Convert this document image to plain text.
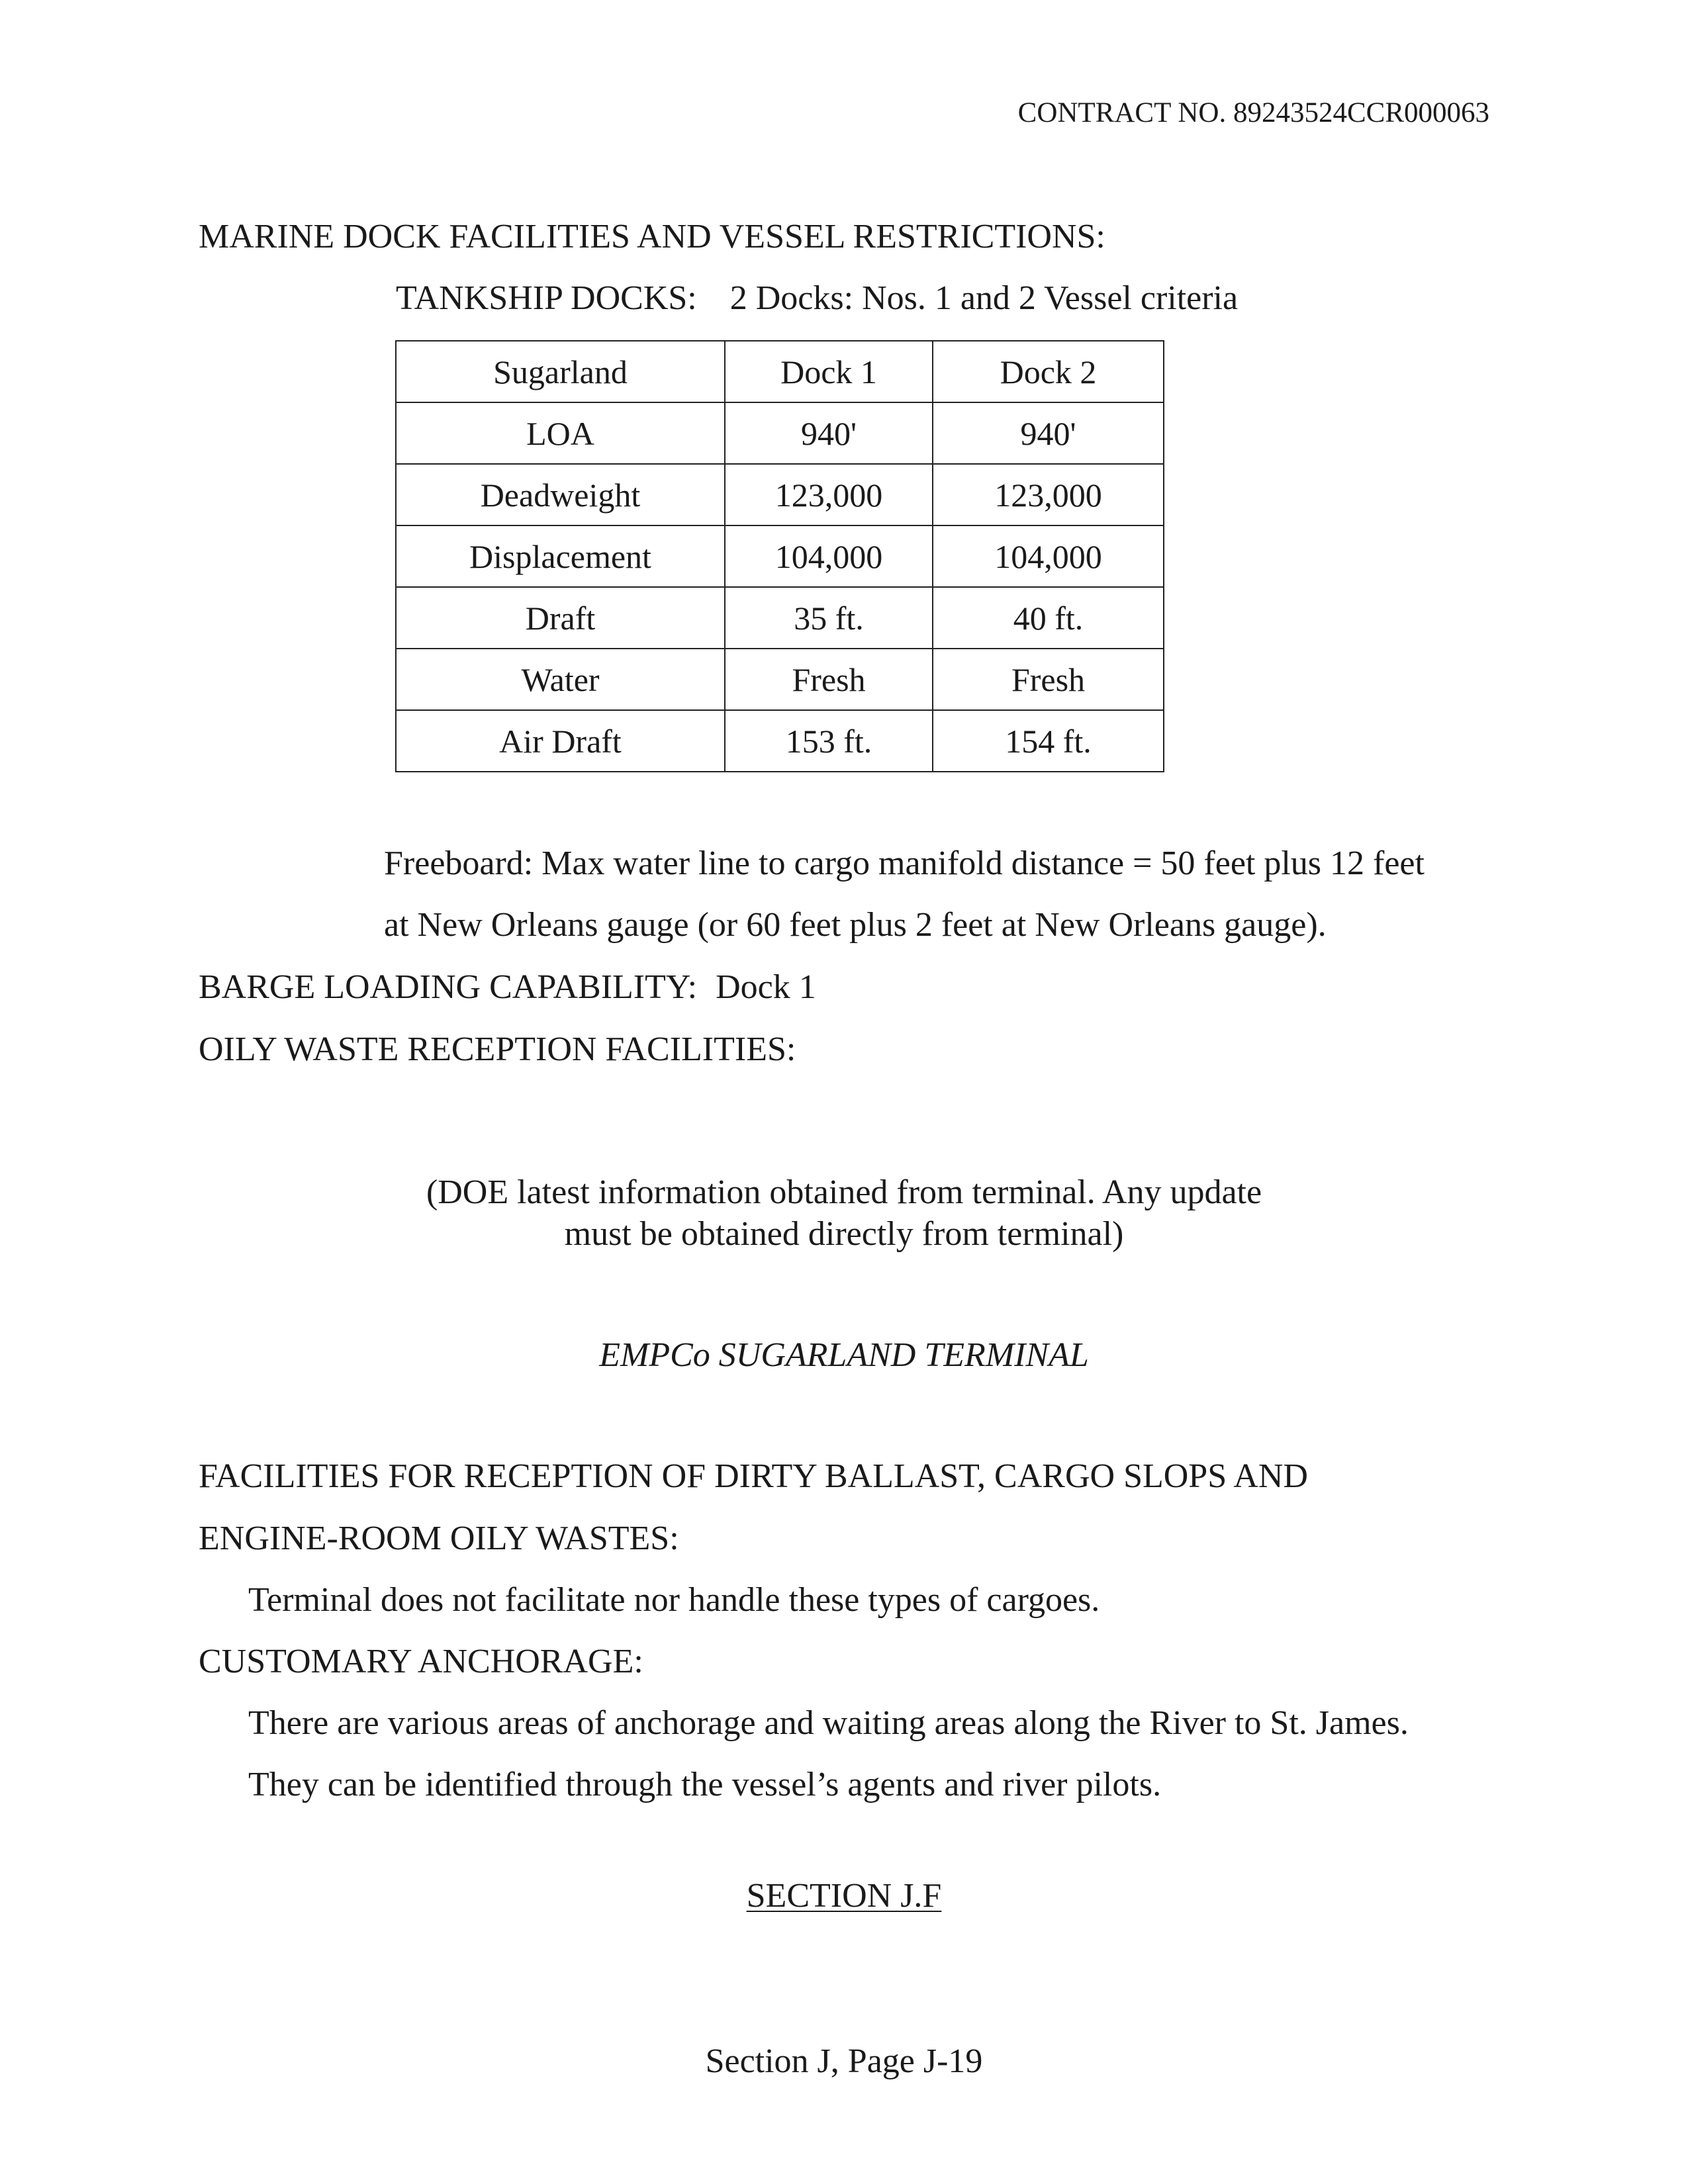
CONTRACT NO. 89243524CCR000063
MARINE DOCK FACILITIES AND VESSEL RESTRICTIONS:
TANKSHIP DOCKS: 2 Docks: Nos. 1 and 2 Vessel criteria
Sugarland	Dock 1	Dock 2
LOA	940'	940'
Deadweight	123,000	123,000
Displacement	104,000	104,000
Draft	35 ft.	40 ft.
Water	Fresh	Fresh
Air Draft	153 ft.	154 ft.
Freeboard: Max water line to cargo manifold distance = 50 feet plus 12 feet
at New Orleans gauge (or 60 feet plus 2 feet at New Orleans gauge).
BARGE LOADING CAPABILITY: Dock 1
OILY WASTE RECEPTION FACILITIES:
(DOE latest information obtained from terminal. Any update
must be obtained directly from terminal)
EMPCo SUGARLAND TERMINAL
FACILITIES FOR RECEPTION OF DIRTY BALLAST, CARGO SLOPS AND
ENGINE-ROOM OILY WASTES:
Terminal does not facilitate nor handle these types of cargoes.
CUSTOMARY ANCHORAGE:
There are various areas of anchorage and waiting areas along the River to St. James.
They can be identified through the vessel’s agents and river pilots.
SECTION J.F
Section J, Page J-19
